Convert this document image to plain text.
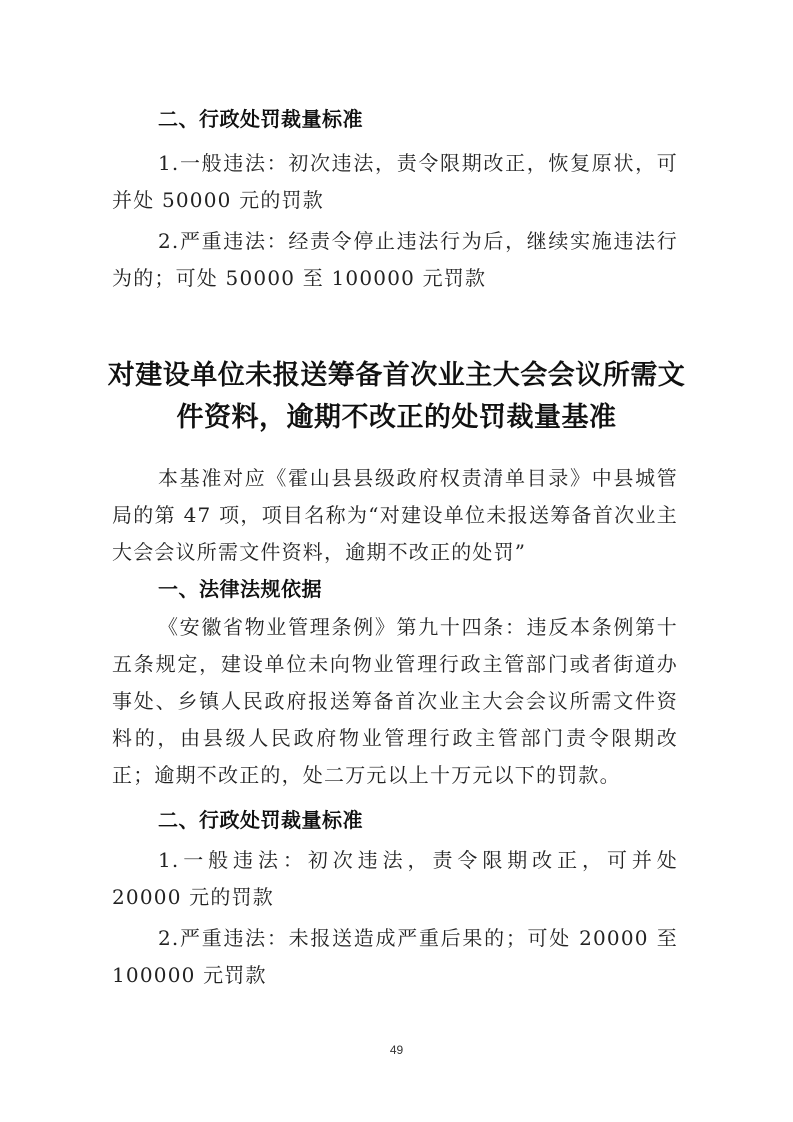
二、行政处罚裁量标准

1.一般违法：初次违法，责令限期改正，恢复原状，可并处 50000 元的罚款

2.严重违法：经责令停止违法行为后，继续实施违法行为的；可处 50000 至 100000 元罚款

对建设单位未报送筹备首次业主大会会议所需文件资料，逾期不改正的处罚裁量基准

本基准对应《霍山县县级政府权责清单目录》中县城管局的第 47 项，项目名称为“对建设单位未报送筹备首次业主大会会议所需文件资料，逾期不改正的处罚”

一、法律法规依据

《安徽省物业管理条例》第九十四条：违反本条例第十五条规定，建设单位未向物业管理行政主管部门或者街道办事处、乡镇人民政府报送筹备首次业主大会会议所需文件资料的，由县级人民政府物业管理行政主管部门责令限期改正；逾期不改正的，处二万元以上十万元以下的罚款。

二、行政处罚裁量标准

1.一般违法：初次违法，责令限期改正，可并处 20000 元的罚款

2.严重违法：未报送造成严重后果的；可处 20000 至 100000 元罚款

49
